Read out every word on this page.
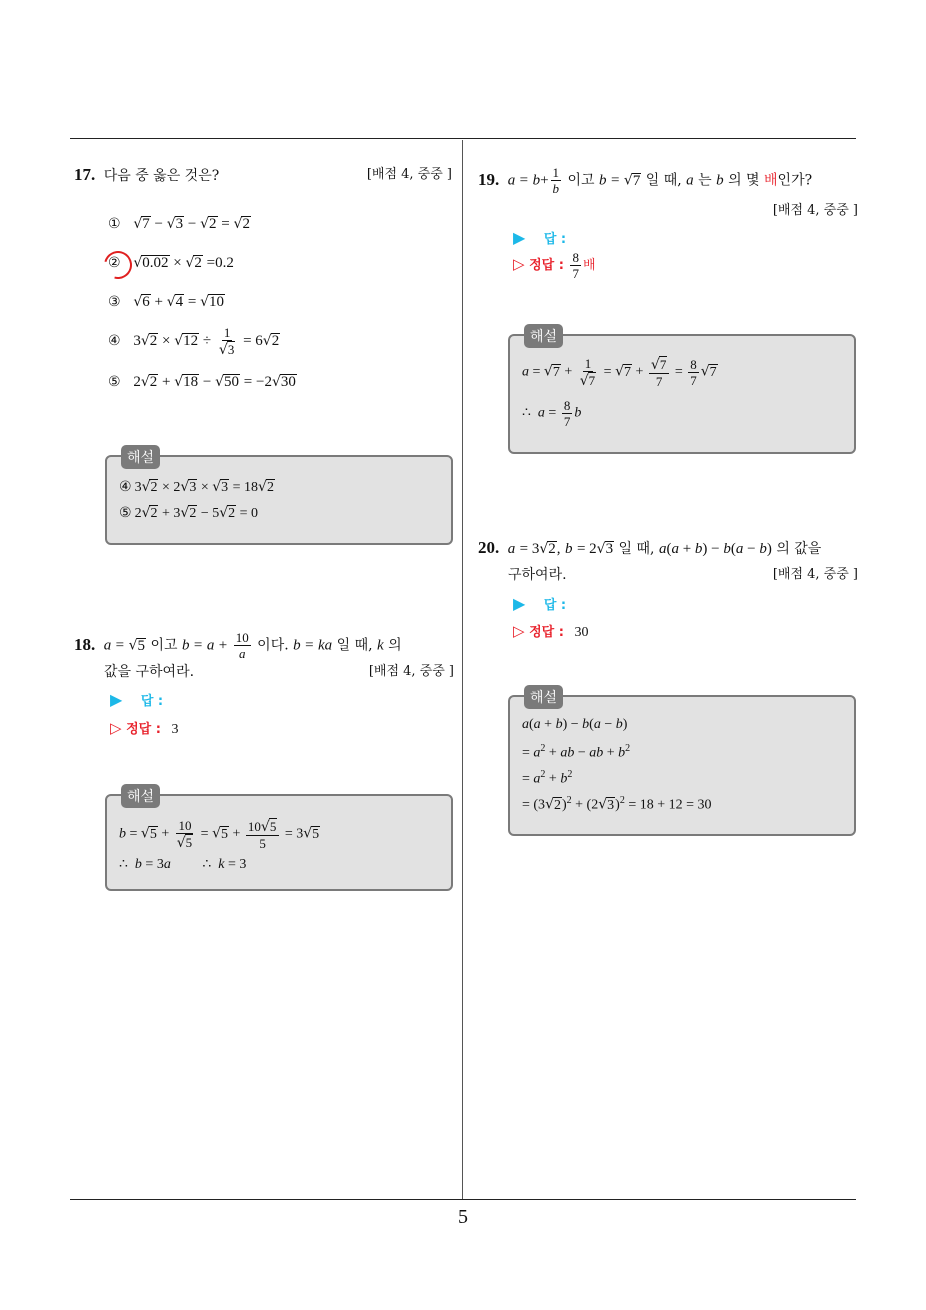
5
17. 다음 중 옳은 것은?	[배점 4, 중중 ]
① √7 − √3 − √2 = √2
② √0.02 × √2 =0.2
③ √6 + √4 = √10
④ $3√2 \times √12 \div \frac{1}{√3} = 6√2$
⑤ 2√2 + √18 − √50 = −2√30
해설
④ 3√2 × 2√3 × √3 = 18√2
⑤ 2√2 + 3√2 − 5√2 = 0
18. a = √5 이고 $b = a + \frac{10}{a}$ 이다. b = ka 일 때, k 의
값을 구하여라.	[배점 4, 중중 ]
▶ 답 :
▷ 정답 : 3
해설
$b = √5 + \frac{10}{√5} = √5 + \frac{10√5}{5} = 3√5$
∴  b = 3a         ∴  k = 3
19. $a = b+ \frac{1}{b}$ 이고 b = √7 일 때, a 는 b 의 몇 배인가?
[배점 4, 중중 ]
▶ 답 :
▷ 정답 : $\frac{8}{7}$ 배
해설
$a = √7 + \frac{1}{√7} = √7 + \frac{√7}{7} = \frac{8}{7} √7$
∴  $a = \frac{8}{7}$ b
20. a = 3√2, b = 2√3 일 때, a(a + b) − b(a − b) 의 값을
구하여라.	[배점 4, 중중 ]
▶ 답 :
▷ 정답 : 30
해설
a(a + b) − b(a − b)
= $a^2$ + ab − ab + $b^2$
= $a^2 + b^2$
= $(3√2)^2 + (2√3)^2 = 18 + 12 = 30$
